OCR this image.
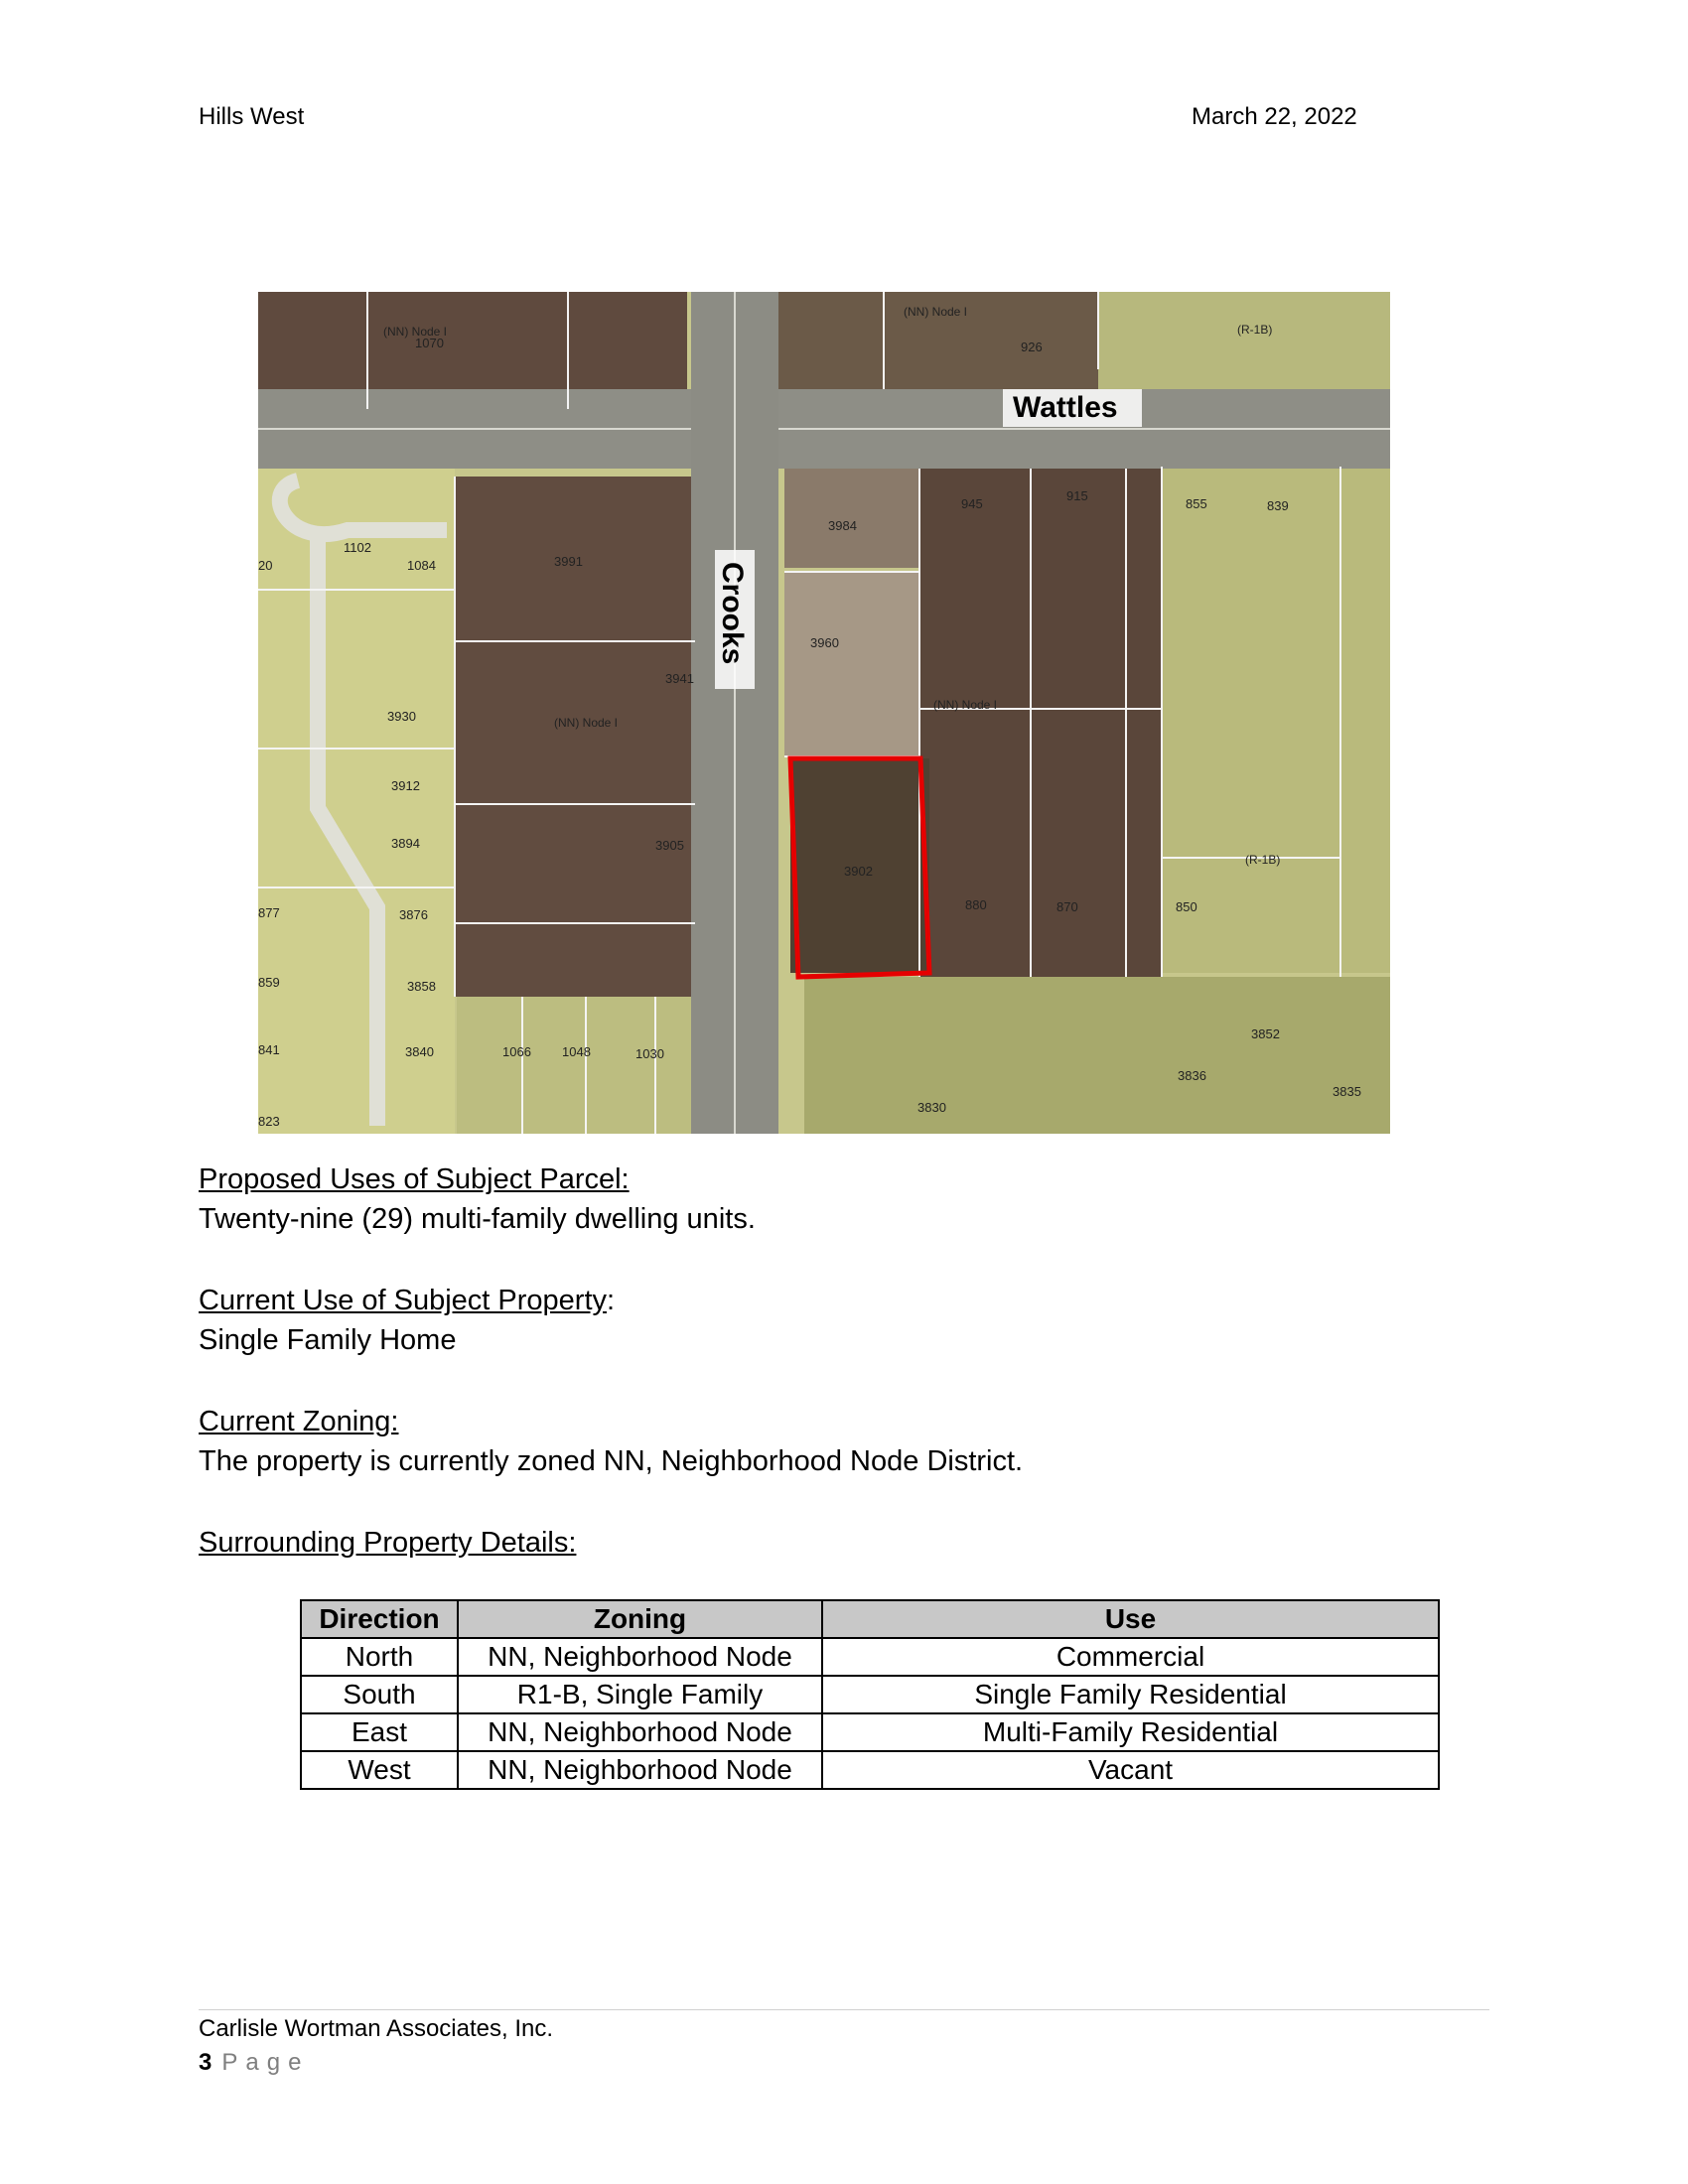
Hills West	March 22, 2022
Wattles
Crooks
(NN) Node I
(NN) Node I
(NN) Node I
(NN) Node I
(R-1B)
(R-1B)
1070	926
945
915
855	839
1102
1084
20	3991
3984
3960
3941
3930
3912
3894	3905
3902
880	870	850
877	3876
859	3858
841	3840	1066 1048	1030
3852
3836
3835
3830
823
Proposed Uses of Subject Parcel:
Twenty-nine (29) multi-family dwelling units.
Current Use of Subject Property:
Single Family Home
Current Zoning:
The property is currently zoned NN, Neighborhood Node District.
Surrounding Property Details:
Direction	Zoning	Use
North	NN, Neighborhood Node	Commercial
South	R1-B, Single Family	Single Family Residential
East	NN, Neighborhood Node	Multi-Family Residential
West	NN, Neighborhood Node	Vacant
Carlisle Wortman Associates, Inc.
3 Page
